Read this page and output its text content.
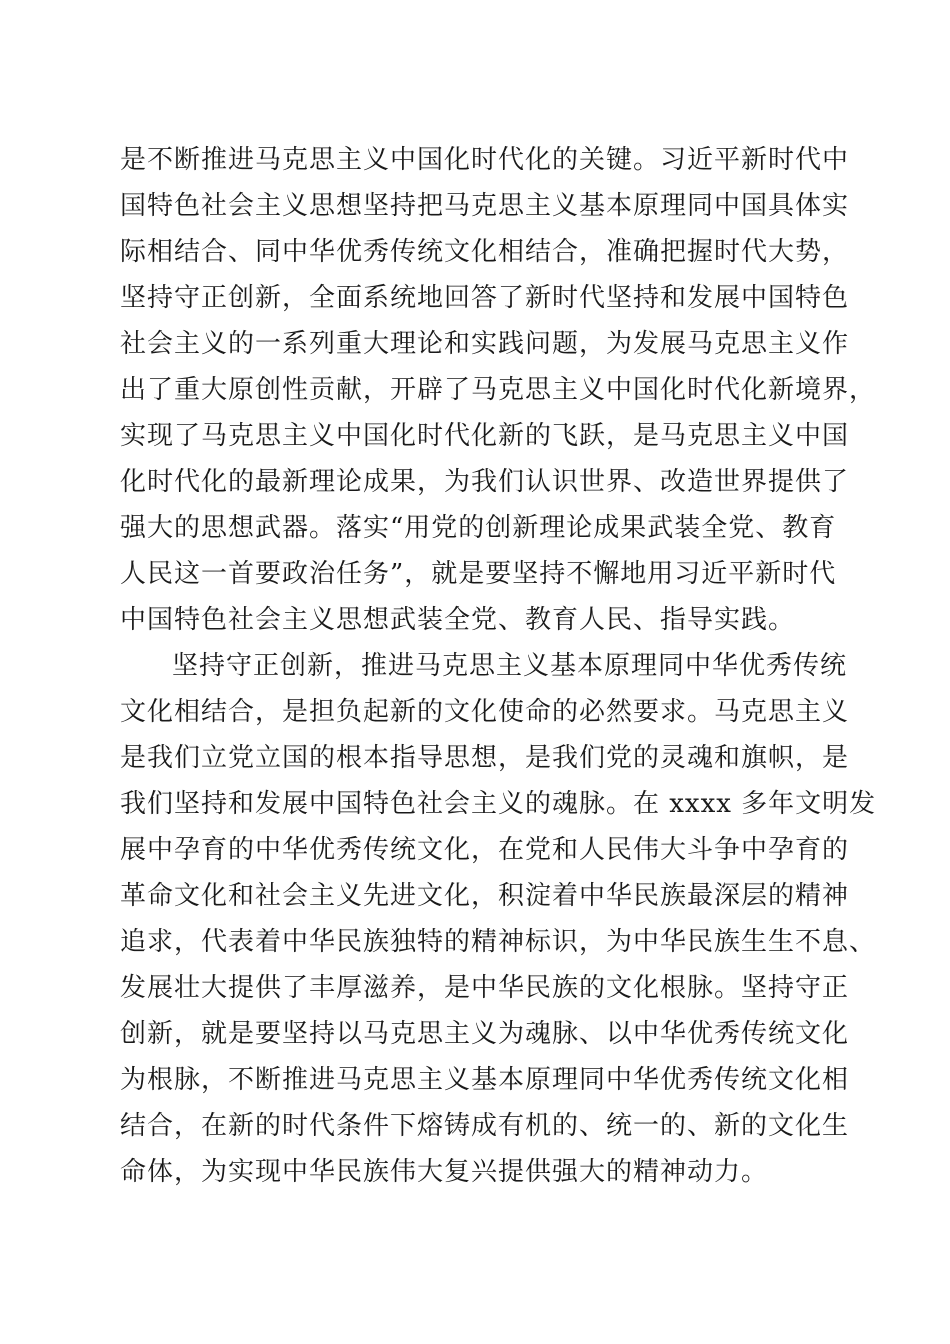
是不断推进马克思主义中国化时代化的关键。习近平新时代中
国特色社会主义思想坚持把马克思主义基本原理同中国具体实
际相结合、同中华优秀传统文化相结合，准确把握时代大势，
坚持守正创新，全面系统地回答了新时代坚持和发展中国特色
社会主义的一系列重大理论和实践问题，为发展马克思主义作
出了重大原创性贡献，开辟了马克思主义中国化时代化新境界，
实现了马克思主义中国化时代化新的飞跃，是马克思主义中国
化时代化的最新理论成果，为我们认识世界、改造世界提供了
强大的思想武器。落实“用党的创新理论成果武装全党、教育
人民这一首要政治任务”，就是要坚持不懈地用习近平新时代
中国特色社会主义思想武装全党、教育人民、指导实践。
坚持守正创新，推进马克思主义基本原理同中华优秀传统
文化相结合，是担负起新的文化使命的必然要求。马克思主义
是我们立党立国的根本指导思想，是我们党的灵魂和旗帜，是
我们坚持和发展中国特色社会主义的魂脉。在 xxxx 多年文明发
展中孕育的中华优秀传统文化，在党和人民伟大斗争中孕育的
革命文化和社会主义先进文化，积淀着中华民族最深层的精神
追求，代表着中华民族独特的精神标识，为中华民族生生不息、
发展壮大提供了丰厚滋养，是中华民族的文化根脉。坚持守正
创新，就是要坚持以马克思主义为魂脉、以中华优秀传统文化
为根脉，不断推进马克思主义基本原理同中华优秀传统文化相
结合，在新的时代条件下熔铸成有机的、统一的、新的文化生
命体，为实现中华民族伟大复兴提供强大的精神动力。
